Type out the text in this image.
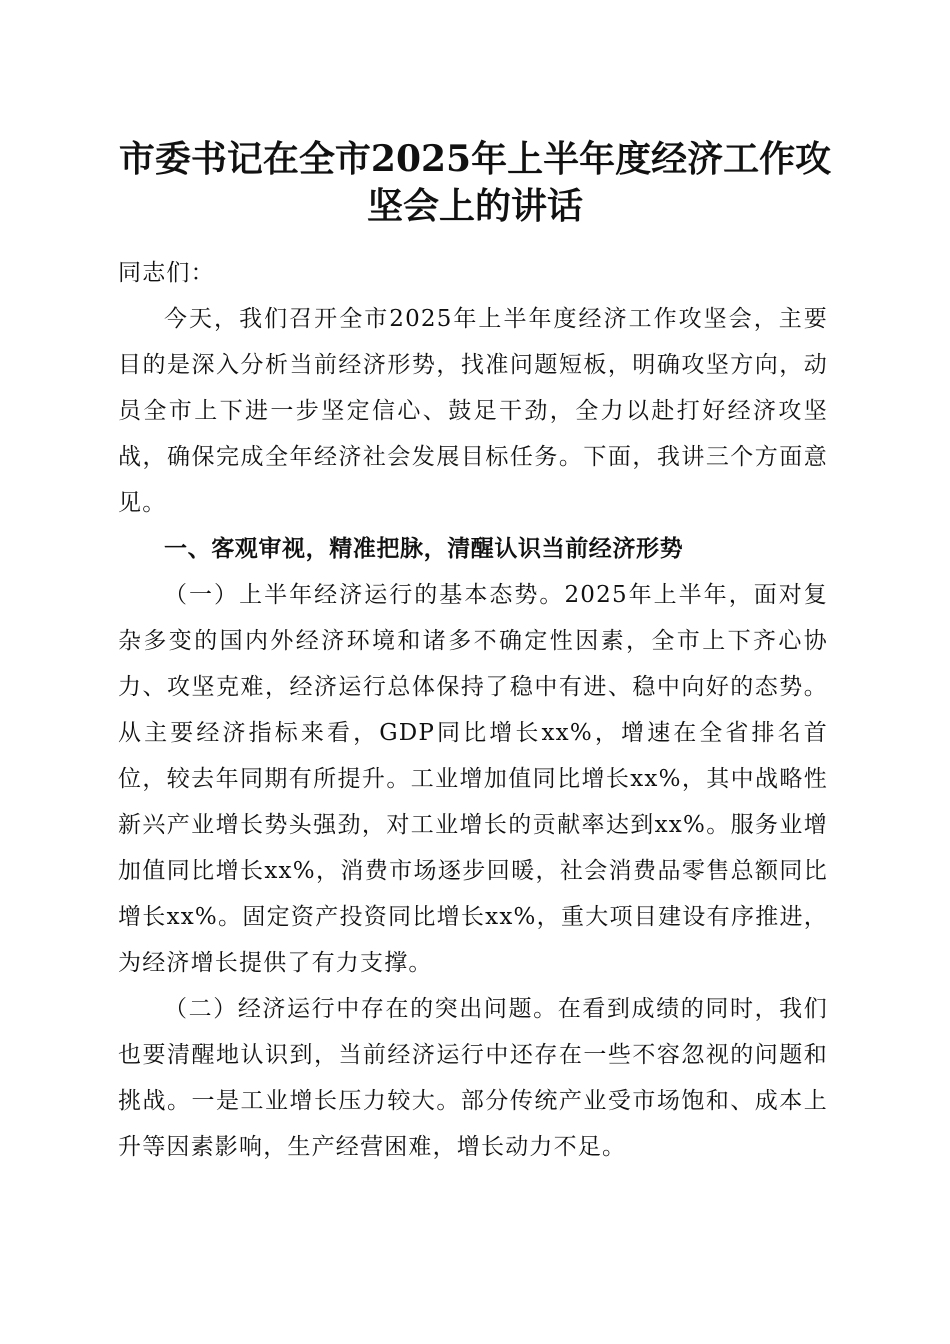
市委书记在全市2025年上半年度经济工作攻
坚会上的讲话

同志们：

今天，我们召开全市2025年上半年度经济工作攻坚会，主要目的是深入分析当前经济形势，找准问题短板，明确攻坚方向，动员全市上下进一步坚定信心、鼓足干劲，全力以赴打好经济攻坚战，确保完成全年经济社会发展目标任务。下面，我讲三个方面意见。

一、客观审视，精准把脉，清醒认识当前经济形势

（一）上半年经济运行的基本态势。2025年上半年，面对复杂多变的国内外经济环境和诸多不确定性因素，全市上下齐心协力、攻坚克难，经济运行总体保持了稳中有进、稳中向好的态势。从主要经济指标来看，GDP同比增长xx%，增速在全省排名首位，较去年同期有所提升。工业增加值同比增长xx%，其中战略性新兴产业增长势头强劲，对工业增长的贡献率达到xx%。服务业增加值同比增长xx%，消费市场逐步回暖，社会消费品零售总额同比增长xx%。固定资产投资同比增长xx%，重大项目建设有序推进，为经济增长提供了有力支撑。

（二）经济运行中存在的突出问题。在看到成绩的同时，我们也要清醒地认识到，当前经济运行中还存在一些不容忽视的问题和挑战。一是工业增长压力较大。部分传统产业受市场饱和、成本上升等因素影响，生产经营困难，增长动力不足。
